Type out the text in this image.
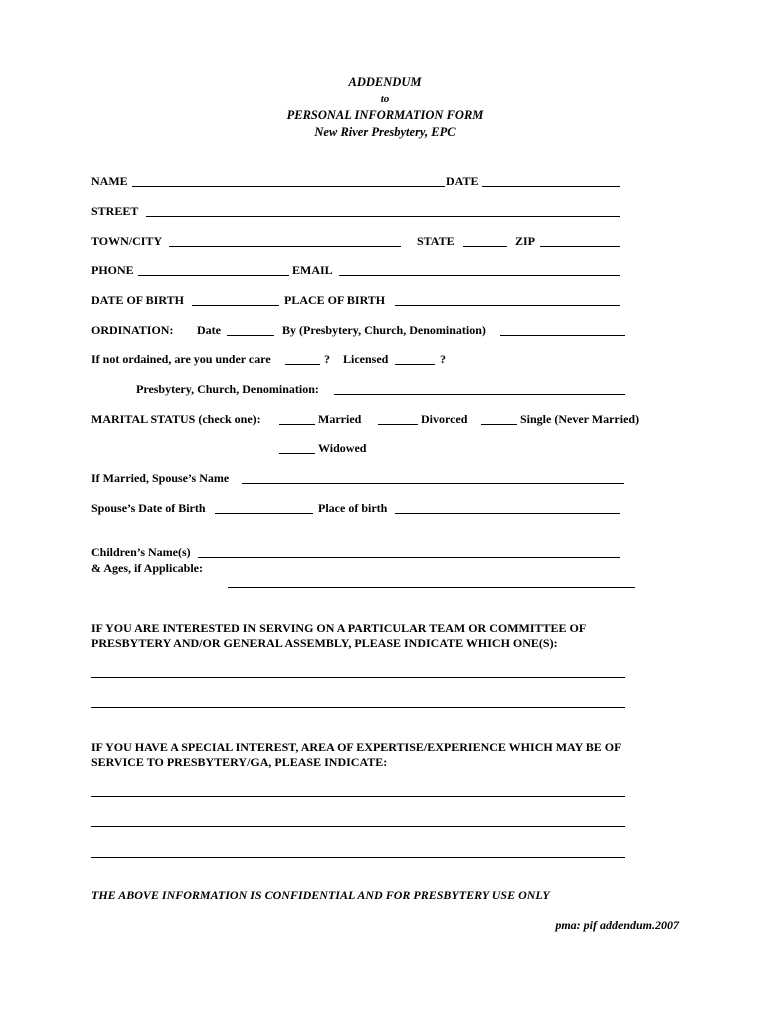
ADDENDUM
to
PERSONAL INFORMATION FORM
New River Presbytery, EPC
NAME	DATE
STREET
TOWN/CITY	STATE	ZIP
PHONE	EMAIL
DATE OF BIRTH	PLACE OF BIRTH
ORDINATION: Date	By (Presbytery, Church, Denomination)
If not ordained, are you under care	? Licensed	?
Presbytery, Church, Denomination:
MARITAL STATUS (check one):	Married	Divorced	Single (Never Married)
Widowed
If Married, Spouse’s Name
Spouse’s Date of Birth	Place of birth
Children’s Name(s)
& Ages, if Applicable:
IF YOU ARE INTERESTED IN SERVING ON A PARTICULAR TEAM OR COMMITTEE OF
PRESBYTERY AND/OR GENERAL ASSEMBLY, PLEASE INDICATE WHICH ONE(S):
IF YOU HAVE A SPECIAL INTEREST, AREA OF EXPERTISE/EXPERIENCE WHICH MAY BE OF
SERVICE TO PRESBYTERY/GA, PLEASE INDICATE:
THE ABOVE INFORMATION IS CONFIDENTIAL AND FOR PRESBYTERY USE ONLY
pma: pif addendum.2007
